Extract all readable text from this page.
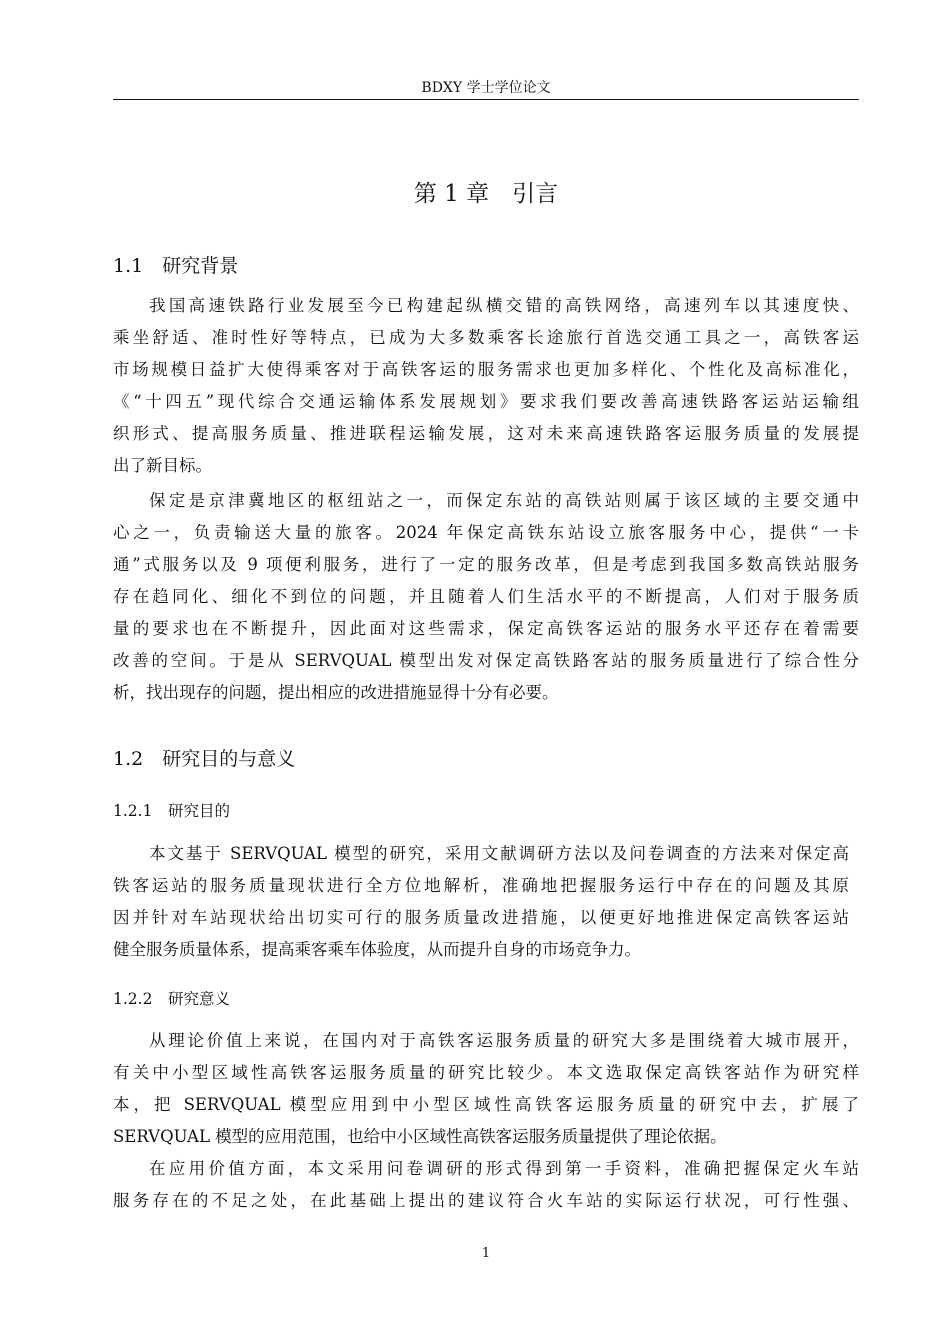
BDXY 学士学位论文
第 1 章　引言
1.1　研究背景
我国高速铁路行业发展至今已构建起纵横交错的高铁网络，高速列车以其速度快、
乘坐舒适、准时性好等特点，已成为大多数乘客长途旅行首选交通工具之一，高铁客运
市场规模日益扩大使得乘客对于高铁客运的服务需求也更加多样化、个性化及高标准化，
《“十四五”现代综合交通运输体系发展规划》要求我们要改善高速铁路客运站运输组
织形式、提高服务质量、推进联程运输发展，这对未来高速铁路客运服务质量的发展提
出了新目标。
保定是京津冀地区的枢纽站之一，而保定东站的高铁站则属于该区域的主要交通中
心之一，负责输送大量的旅客。2024 年保定高铁东站设立旅客服务中心，提供“一卡
通”式服务以及 9 项便利服务，进行了一定的服务改革，但是考虑到我国多数高铁站服务
存在趋同化、细化不到位的问题，并且随着人们生活水平的不断提高，人们对于服务质
量的要求也在不断提升，因此面对这些需求，保定高铁客运站的服务水平还存在着需要
改善的空间。于是从 SERVQUAL 模型出发对保定高铁路客站的服务质量进行了综合性分
析，找出现存的问题，提出相应的改进措施显得十分有必要。
1.2　研究目的与意义
1.2.1　研究目的
本文基于 SERVQUAL 模型的研究，采用文献调研方法以及问卷调查的方法来对保定高
铁客运站的服务质量现状进行全方位地解析，准确地把握服务运行中存在的问题及其原
因并针对车站现状给出切实可行的服务质量改进措施，以便更好地推进保定高铁客运站
健全服务质量体系，提高乘客乘车体验度，从而提升自身的市场竞争力。
1.2.2　研究意义
从理论价值上来说，在国内对于高铁客运服务质量的研究大多是围绕着大城市展开，
有关中小型区域性高铁客运服务质量的研究比较少。本文选取保定高铁客站作为研究样
本，把 SERVQUAL 模型应用到中小型区域性高铁客运服务质量的研究中去，扩展了
SERVQUAL 模型的应用范围，也给中小区域性高铁客运服务质量提供了理论依据。
在应用价值方面，本文采用问卷调研的形式得到第一手资料，准确把握保定火车站
服务存在的不足之处，在此基础上提出的建议符合火车站的实际运行状况，可行性强、
1
